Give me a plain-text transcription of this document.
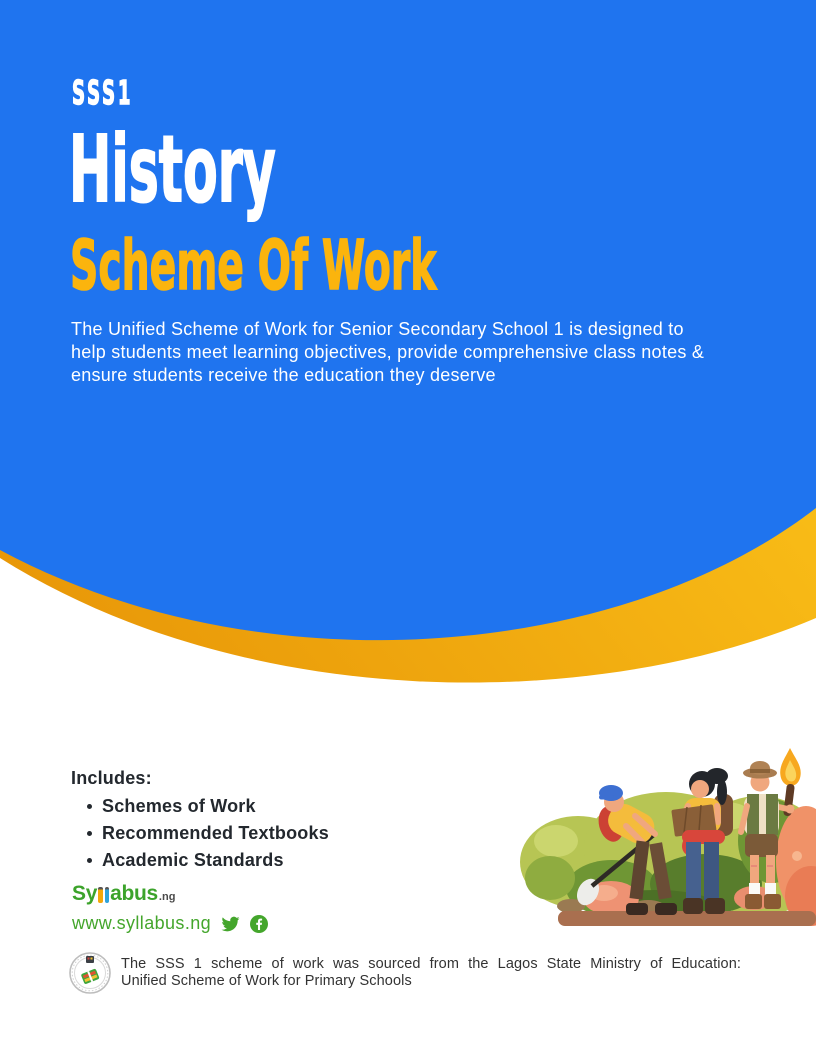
SSS1
History
Scheme Of Work
The Unified Scheme of Work for Senior Secondary School 1 is designed to
help students meet learning objectives, provide comprehensive class notes &
ensure students receive the education they deserve
Includes:
Schemes of Work
Recommended Textbooks
Academic Standards
Sy abus .ng
www.syllabus.ng
The SSS 1 scheme of work was sourced from the Lagos State Ministry of Education:
Unified Scheme of Work for Primary Schools
